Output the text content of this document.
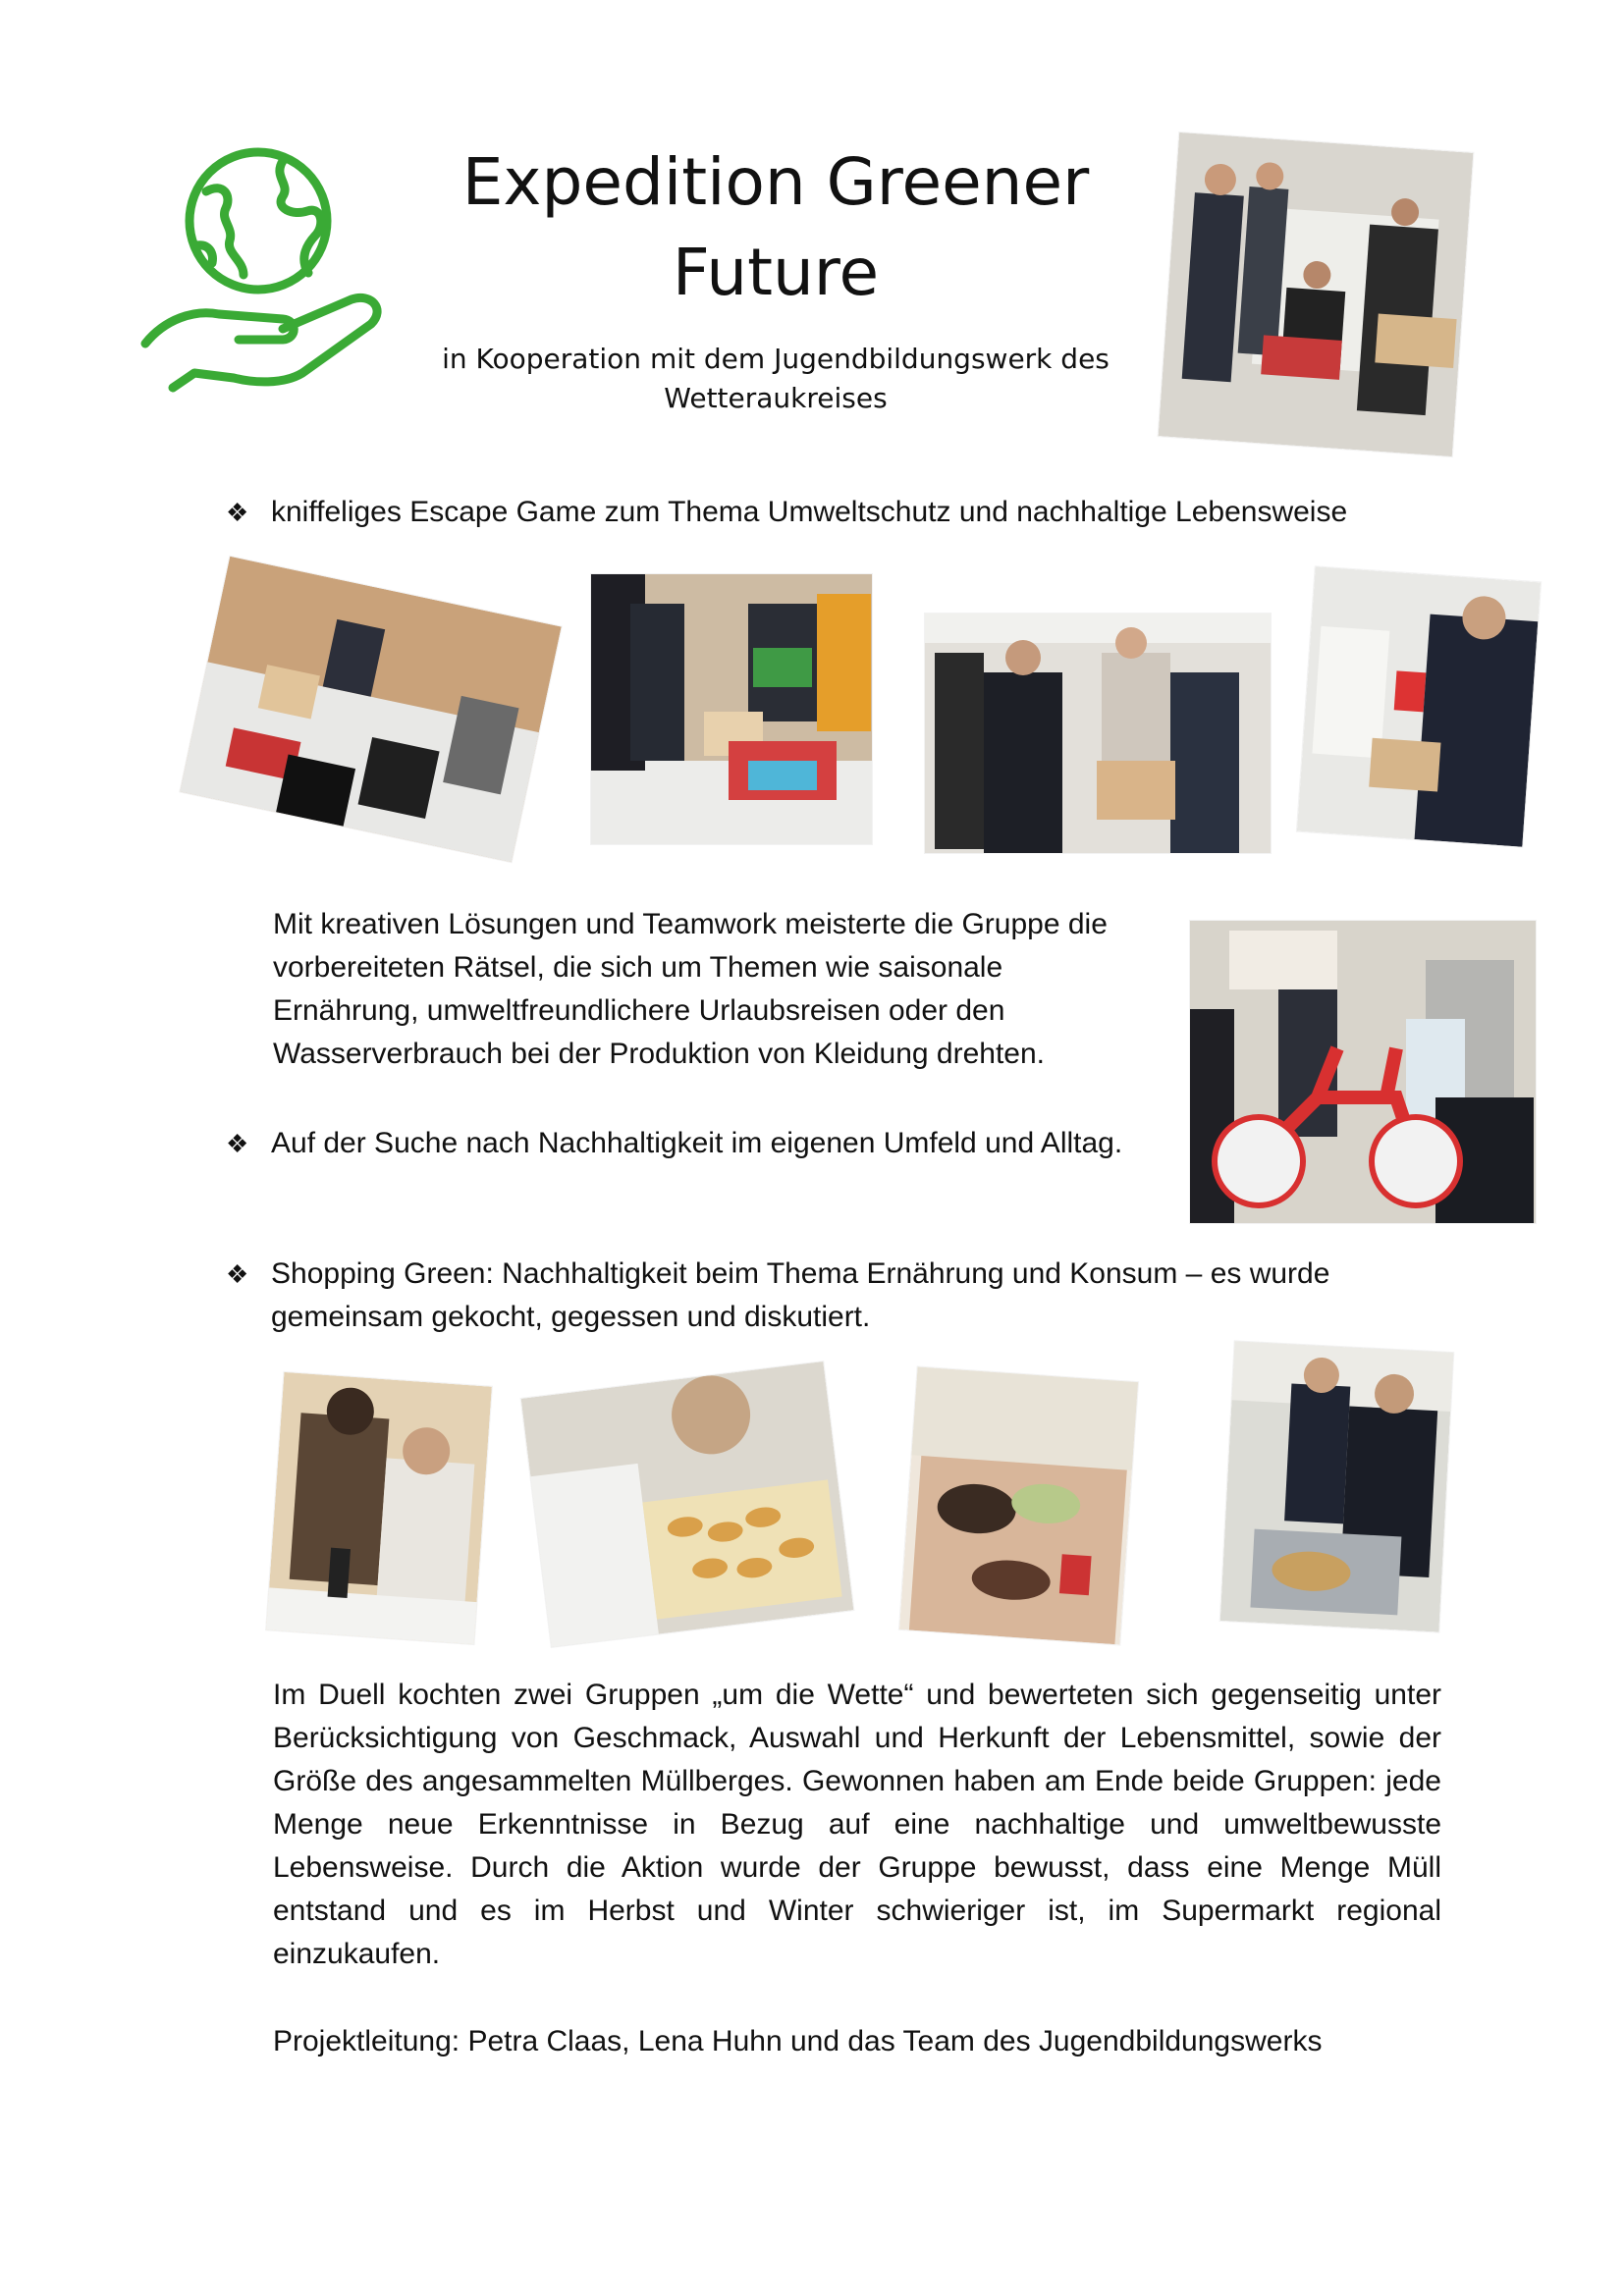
Expedition Greener
Future
in Kooperation mit dem Jugendbildungswerk des
Wetteraukreises
❖ kniffeliges Escape Game zum Thema Umweltschutz und nachhaltige Lebensweise
Mit kreativen Lösungen und Teamwork meisterte die Gruppe die
vorbereiteten Rätsel, die sich um Themen wie saisonale
Ernährung, umweltfreundlichere Urlaubsreisen oder den
Wasserverbrauch bei der Produktion von Kleidung drehten.
❖ Auf der Suche nach Nachhaltigkeit im eigenen Umfeld und Alltag.
❖ Shopping Green: Nachhaltigkeit beim Thema Ernährung und Konsum – es wurde
gemeinsam gekocht, gegessen und diskutiert.
Im Duell kochten zwei Gruppen „um die Wette“ und bewerteten sich gegenseitig unter Berücksichtigung von Geschmack, Auswahl und Herkunft der Lebensmittel, sowie der Größe des angesammelten Müllberges. Gewonnen haben am Ende beide Gruppen: jede Menge neue Erkenntnisse in Bezug auf eine nachhaltige und umweltbewusste Lebensweise. Durch die Aktion wurde der Gruppe bewusst, dass eine Menge Müll entstand und es im Herbst und Winter schwieriger ist, im Supermarkt regional einzukaufen.
Projektleitung: Petra Claas, Lena Huhn und das Team des Jugendbildungswerks
